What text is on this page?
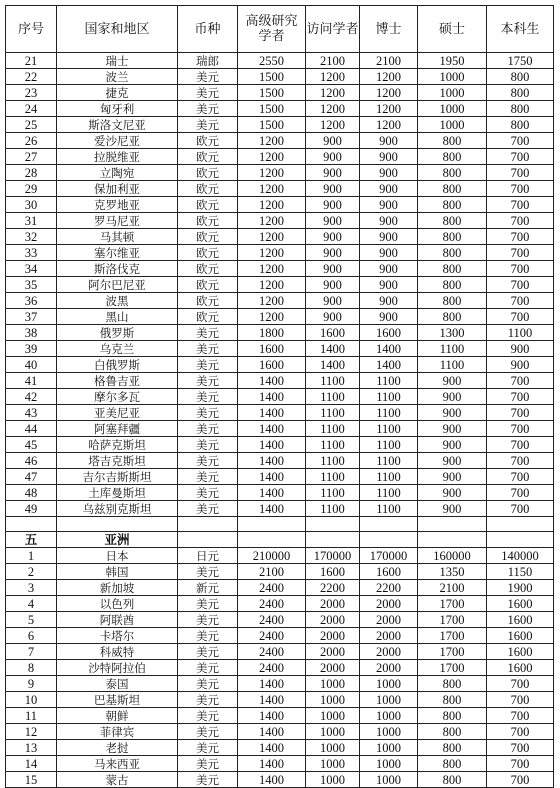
序号	国家和地区	币种	高级研究学者	访问学者	博士	硕士	本科生
21	瑞士	瑞郎	2550	2100	2100	1950	1750
22	波兰	美元	1500	1200	1200	1000	800
23	捷克	美元	1500	1200	1200	1000	800
24	匈牙利	美元	1500	1200	1200	1000	800
25	斯洛文尼亚	美元	1500	1200	1200	1000	800
26	爱沙尼亚	欧元	1200	900	900	800	700
27	拉脱维亚	欧元	1200	900	900	800	700
28	立陶宛	欧元	1200	900	900	800	700
29	保加利亚	欧元	1200	900	900	800	700
30	克罗地亚	欧元	1200	900	900	800	700
31	罗马尼亚	欧元	1200	900	900	800	700
32	马其顿	欧元	1200	900	900	800	700
33	塞尔维亚	欧元	1200	900	900	800	700
34	斯洛伐克	欧元	1200	900	900	800	700
35	阿尔巴尼亚	欧元	1200	900	900	800	700
36	波黑	欧元	1200	900	900	800	700
37	黑山	欧元	1200	900	900	800	700
38	俄罗斯	美元	1800	1600	1600	1300	1100
39	乌克兰	美元	1600	1400	1400	1100	900
40	白俄罗斯	美元	1600	1400	1400	1100	900
41	格鲁吉亚	美元	1400	1100	1100	900	700
42	摩尔多瓦	美元	1400	1100	1100	900	700
43	亚美尼亚	美元	1400	1100	1100	900	700
44	阿塞拜疆	美元	1400	1100	1100	900	700
45	哈萨克斯坦	美元	1400	1100	1100	900	700
46	塔吉克斯坦	美元	1400	1100	1100	900	700
47	吉尔吉斯斯坦	美元	1400	1100	1100	900	700
48	土库曼斯坦	美元	1400	1100	1100	900	700
49	乌兹别克斯坦	美元	1400	1100	1100	900	700

五	亚洲						
1	日本	日元	210000	170000	170000	160000	140000
2	韩国	美元	2100	1600	1600	1350	1150
3	新加坡	新元	2400	2200	2200	2100	1900
4	以色列	美元	2400	2000	2000	1700	1600
5	阿联酋	美元	2400	2000	2000	1700	1600
6	卡塔尔	美元	2400	2000	2000	1700	1600
7	科威特	美元	2400	2000	2000	1700	1600
8	沙特阿拉伯	美元	2400	2000	2000	1700	1600
9	泰国	美元	1400	1000	1000	800	700
10	巴基斯坦	美元	1400	1000	1000	800	700
11	朝鲜	美元	1400	1000	1000	800	700
12	菲律宾	美元	1400	1000	1000	800	700
13	老挝	美元	1400	1000	1000	800	700
14	马来西亚	美元	1400	1000	1000	800	700
15	蒙古	美元	1400	1000	1000	800	700
